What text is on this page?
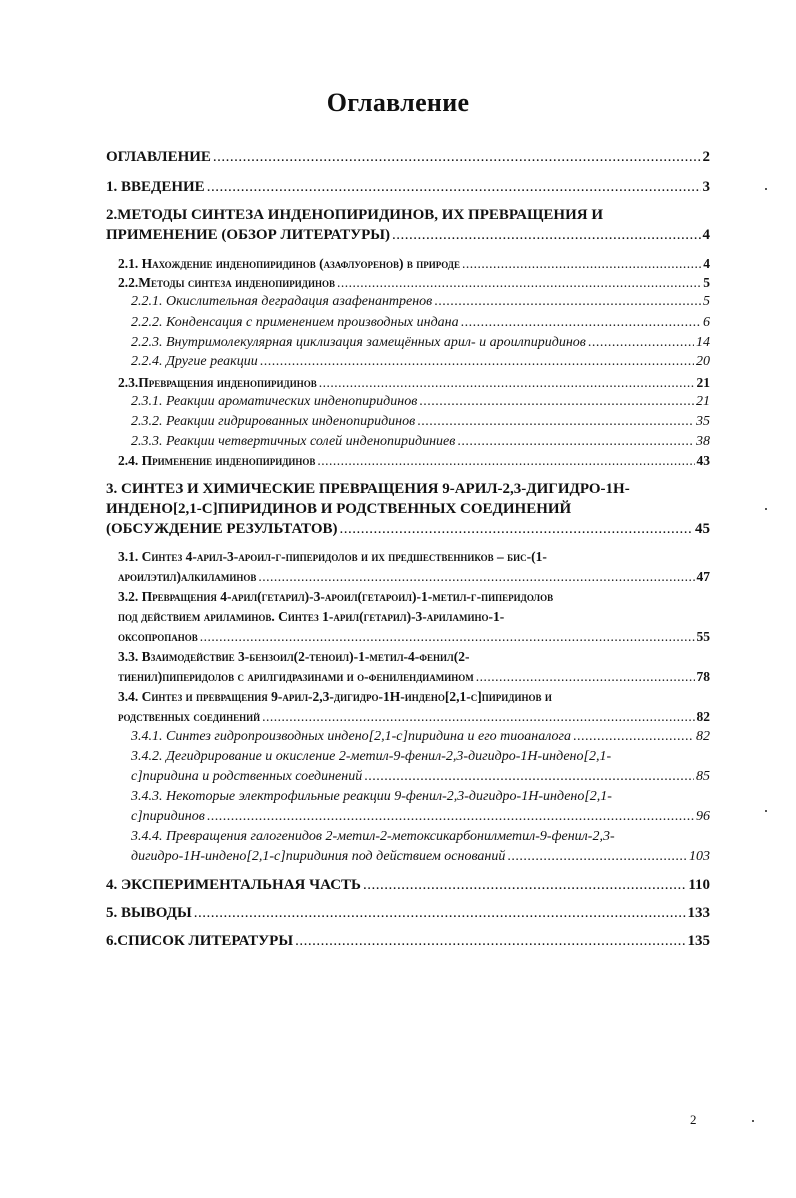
Оглавление
ОГЛАВЛЕНИЕ .....	2
1. ВВЕДЕНИЕ .....	3
2.МЕТОДЫ СИНТЕЗА ИНДЕНОПИРИДИНОВ, ИХ ПРЕВРАЩЕНИЯ И
ПРИМЕНЕНИЕ (ОБЗОР ЛИТЕРАТУРЫ) .....	4
2.1. Нахождение инденопиридинов (азафлуоренов) в природе .....	4
2.2.Методы синтеза инденопиридинов .....	5
2.2.1. Окислительная деградация азафенантренов .....	5
2.2.2. Конденсация с применением производных индана .....	6
2.2.3. Внутримолекулярная циклизация замещённых арил- и ароилпиридинов .....	14
2.2.4. Другие реакции .....	20
2.3.Превращения инденопиридинов .....	21
2.3.1. Реакции ароматических инденопиридинов .....	21
2.3.2. Реакции гидрированных инденопиридинов .....	35
2.3.3. Реакции четвертичных солей инденопиридиниев .....	38
2.4. Применение инденопиридинов .....	43
3. СИНТЕЗ И ХИМИЧЕСКИЕ ПРЕВРАЩЕНИЯ 9-АРИЛ-2,3-ДИГИДРО-1Н-
ИНДЕНО[2,1-С]ПИРИДИНОВ И РОДСТВЕННЫХ СОЕДИНЕНИЙ
(ОБСУЖДЕНИЕ РЕЗУЛЬТАТОВ) .....	45
3.1. Синтез 4-арил-3-ароил-г-пиперидолов и их предшественников – бис-(1-
ароилэтил)алкиламинов .....	47
3.2. Превращения 4-арил(гетарил)-3-ароил(гетароил)-1-метил-г-пиперидолов
под действием ариламинов. Синтез 1-арил(гетарил)-3-ариламино-1-
оксопропанов .....	55
3.3. Взаимодействие 3-бензоил(2-теноил)-1-метил-4-фенил(2-
тиенил)пиперидолов с арилгидразинами и о-фенилендиамином .....	78
3.4. Синтез и превращения 9-арил-2,3-дигидро-1Н-индено[2,1-с]пиридинов и
родственных соединений .....	82
3.4.1. Синтез гидропроизводных индено[2,1-с]пиридина и его тиоаналога .....	82
3.4.2. Дегидрирование и окисление 2-метил-9-фенил-2,3-дигидро-1Н-индено[2,1-
с]пиридина и родственных соединений .....	85
3.4.3. Некоторые электрофильные реакции 9-фенил-2,3-дигидро-1Н-индено[2,1-
с]пиридинов .....	96
3.4.4. Превращения галогенидов 2-метил-2-метоксикарбонилметил-9-фенил-2,3-
дигидро-1Н-индено[2,1-с]пиридиния под действием оснований .....	103
4. ЭКСПЕРИМЕНТАЛЬНАЯ ЧАСТЬ .....	110
5. ВЫВОДЫ .....	133
6.СПИСОК ЛИТЕРАТУРЫ .....	135
2
